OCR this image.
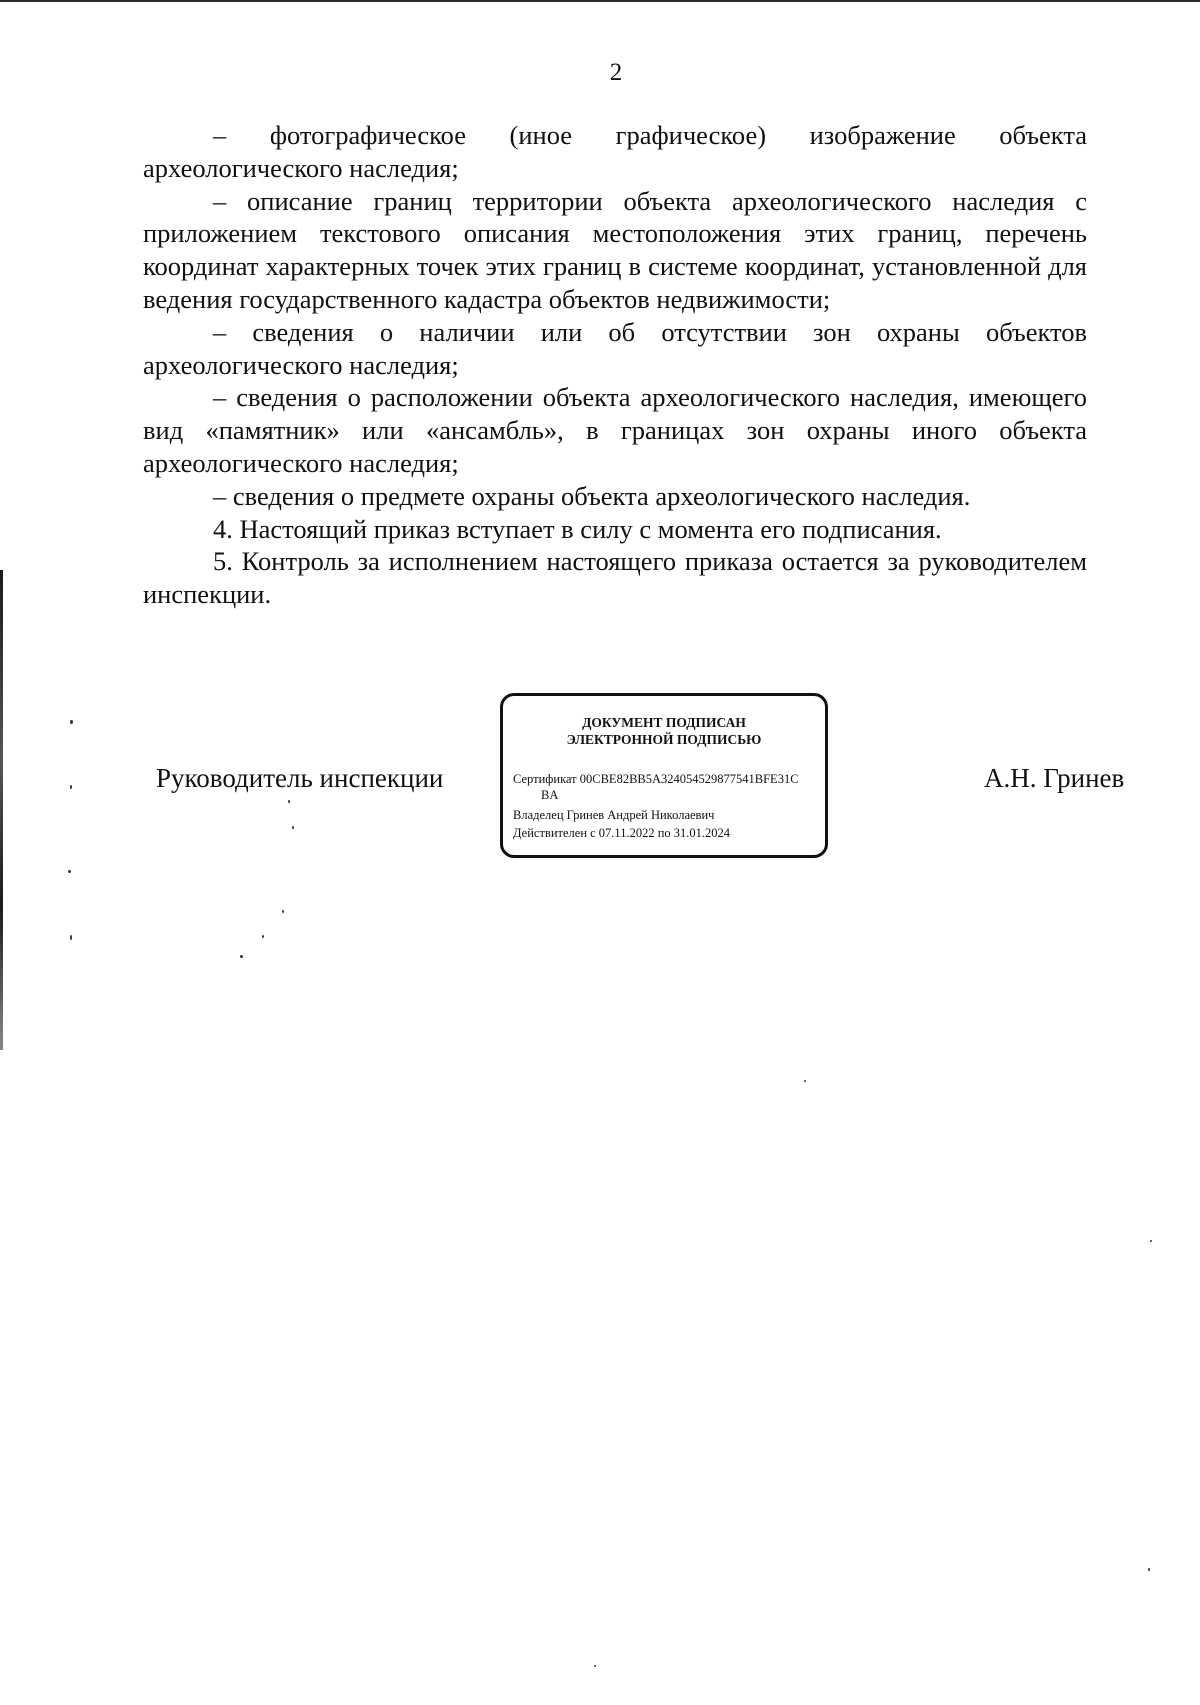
2

– фотографическое (иное графическое) изображение объекта археологического наследия;

– описание границ территории объекта археологического наследия с приложением текстового описания местоположения этих границ, перечень координат характерных точек этих границ в системе координат, установленной для ведения государственного кадастра объектов недвижимости;

– сведения о наличии или об отсутствии зон охраны объектов археологического наследия;

– сведения о расположении объекта археологического наследия, имеющего вид «памятник» или «ансамбль», в границах зон охраны иного объекта археологического наследия;

– сведения о предмете охраны объекта археологического наследия.

4. Настоящий приказ вступает в силу с момента его подписания.

5. Контроль за исполнением настоящего приказа остается за руководителем инспекции.

Руководитель инспекции
ДОКУМЕНТ ПОДПИСАН
ЭЛЕКТРОННОЙ ПОДПИСЬЮ
Сертификат 00CBE82BB5A324054529877541BFE31C
BA
Владелец Гринев Андрей Николаевич
Действителен с 07.11.2022 по 31.01.2024
А.Н. Гринев
